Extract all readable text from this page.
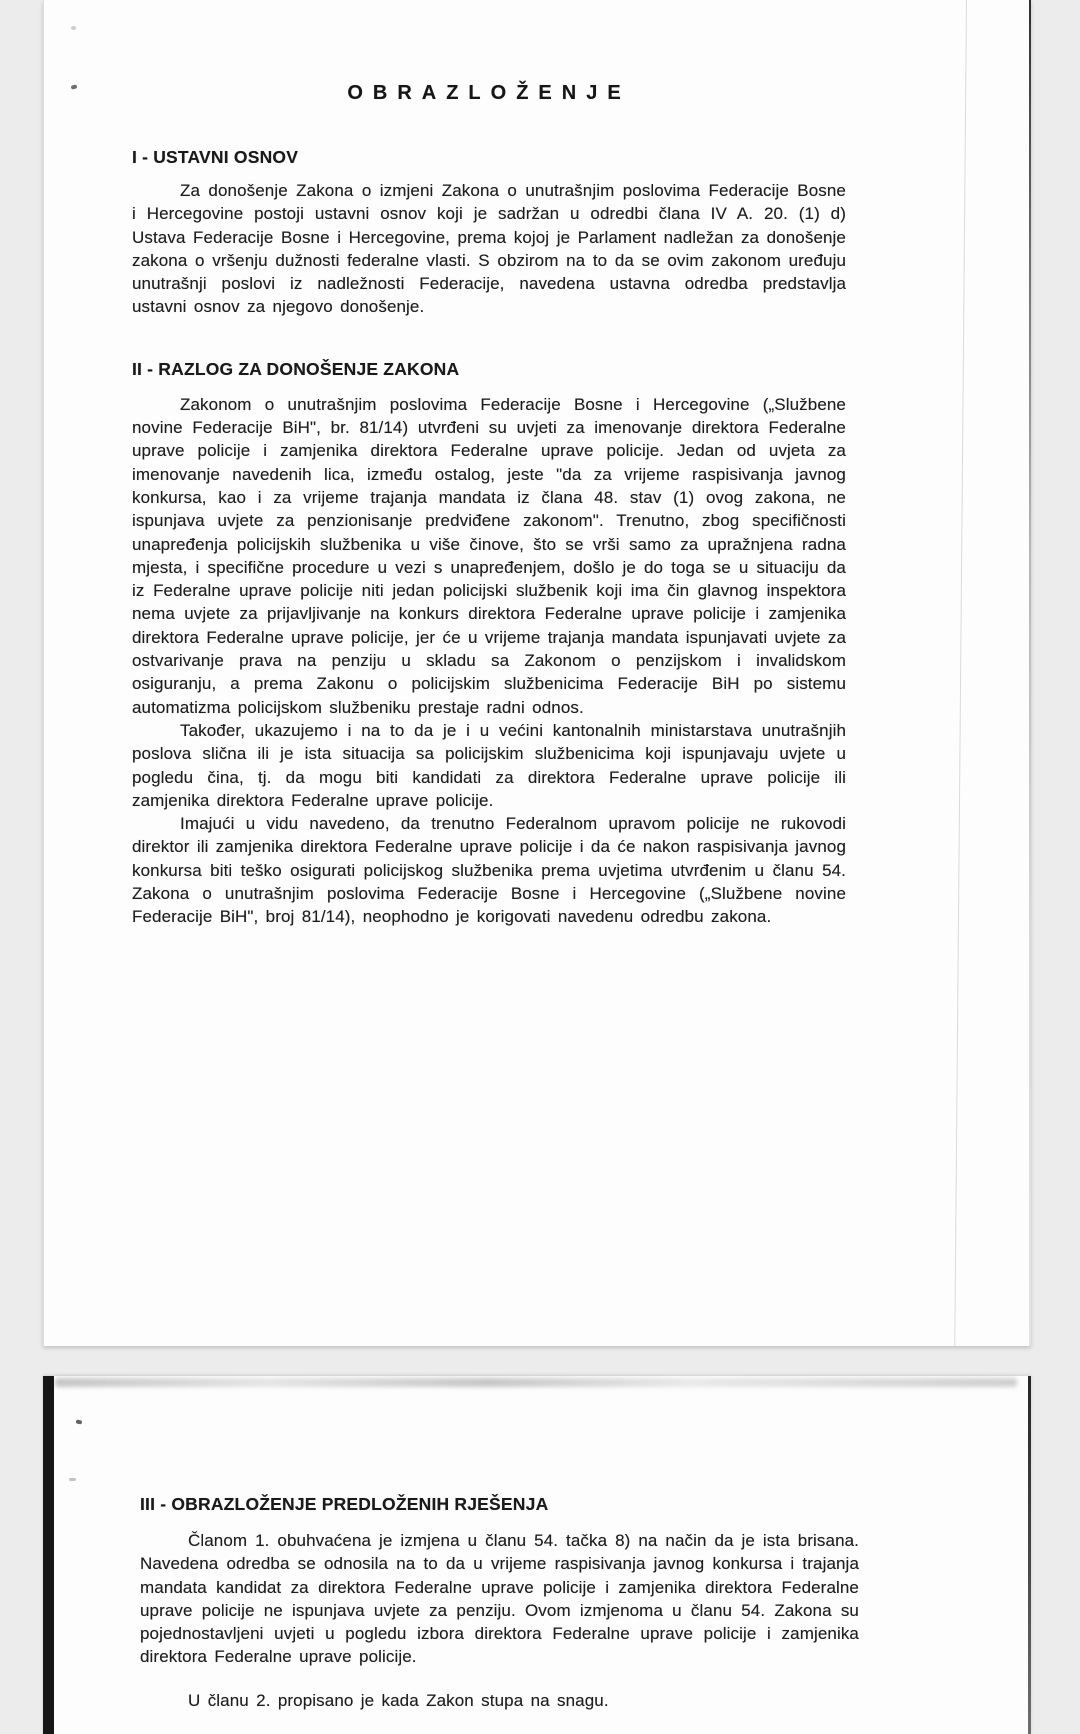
OBRAZLOŽENJE
I - USTAVNI OSNOV

Za donošenje Zakona o izmjeni Zakona o unutrašnjim poslovima Federacije Bosne i Hercegovine postoji ustavni osnov koji je sadržan u odredbi člana IV A. 20. (1) d) Ustava Federacije Bosne i Hercegovine, prema kojoj je Parlament nadležan za donošenje zakona o vršenju dužnosti federalne vlasti. S obzirom na to da se ovim zakonom uređuju unutrašnji poslovi iz nadležnosti Federacije, navedena ustavna odredba predstavlja ustavni osnov za njegovo donošenje.

II - RAZLOG ZA DONOŠENJE ZAKONA

Zakonom o unutrašnjim poslovima Federacije Bosne i Hercegovine („Službene novine Federacije BiH", br. 81/14) utvrđeni su uvjeti za imenovanje direktora Federalne uprave policije i zamjenika direktora Federalne uprave policije. Jedan od uvjeta za imenovanje navedenih lica, između ostalog, jeste "da za vrijeme raspisivanja javnog konkursa, kao i za vrijeme trajanja mandata iz člana 48. stav (1) ovog zakona, ne ispunjava uvjete za penzionisanje predviđene zakonom". Trenutno, zbog specifičnosti unapređenja policijskih službenika u više činove, što se vrši samo za upražnjena radna mjesta, i specifične procedure u vezi s unapređenjem, došlo je do toga se u situaciju da iz Federalne uprave policije niti jedan policijski službenik koji ima čin glavnog inspektora nema uvjete za prijavljivanje na konkurs direktora Federalne uprave policije i zamjenika direktora Federalne uprave policije, jer će u vrijeme trajanja mandata ispunjavati uvjete za ostvarivanje prava na penziju u skladu sa Zakonom o penzijskom i invalidskom osiguranju, a prema Zakonu o policijskim službenicima Federacije BiH po sistemu automatizma policijskom službeniku prestaje radni odnos.

Također, ukazujemo i na to da je i u većini kantonalnih ministarstava unutrašnjih poslova slična ili je ista situacija sa policijskim službenicima koji ispunjavaju uvjete u pogledu čina, tj. da mogu biti kandidati za direktora Federalne uprave policije ili zamjenika direktora Federalne uprave policije.

Imajući u vidu navedeno, da trenutno Federalnom upravom policije ne rukovodi direktor ili zamjenika direktora Federalne uprave policije i da će nakon raspisivanja javnog konkursa biti teško osigurati policijskog službenika prema uvjetima utvrđenim u članu 54. Zakona o unutrašnjim poslovima Federacije Bosne i Hercegovine („Službene novine Federacije BiH", broj 81/14), neophodno je korigovati navedenu odredbu zakona.

III - OBRAZLOŽENJE PREDLOŽENIH RJEŠENJA

Članom 1. obuhvaćena je izmjena u članu 54. tačka 8) na način da je ista brisana. Navedena odredba se odnosila na to da u vrijeme raspisivanja javnog konkursa i trajanja mandata kandidat za direktora Federalne uprave policije i zamjenika direktora Federalne uprave policije ne ispunjava uvjete za penziju. Ovom izmjenoma u članu 54. Zakona su pojednostavljeni uvjeti u pogledu izbora direktora Federalne uprave policije i zamjenika direktora Federalne uprave policije.

U članu 2. propisano je kada Zakon stupa na snagu.
